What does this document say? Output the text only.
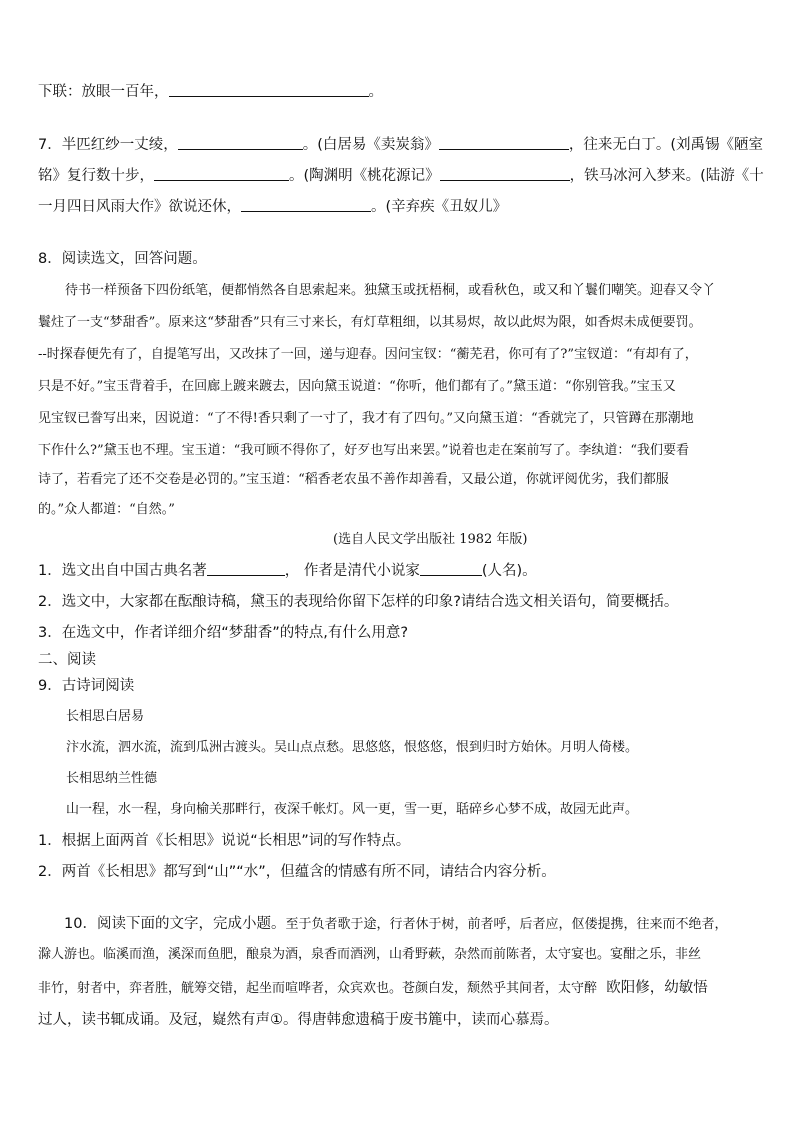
下联：放眼一百年，	。
7．半匹红纱一丈绫，	。(白居易《卖炭翁》	，往来无白丁。(刘禹锡《陋室
铭》复行数十步，	。(陶渊明《桃花源记》	，铁马冰河入梦来。(陆游《十
一月四日风雨大作》欲说还休，	。(辛弃疾《丑奴儿》
8．阅读选文，回答问题。
待书一样预备下四份纸笔，便都悄然各自思索起来。独黛玉或抚梧桐，或看秋色，或又和丫鬟们嘲笑。迎春又令丫
鬟炷了一支“梦甜香”。原来这“梦甜香”只有三寸来长，有灯草粗细，以其易烬，故以此烬为限，如香烬未成便要罚。
--时探春便先有了，自提笔写出，又改抹了一回，递与迎春。因问宝钗：“蘅芜君，你可有了?”宝钗道：“有却有了，
只是不好。”宝玉背着手，在回廊上踱来踱去，因向黛玉说道：“你听，他们都有了。”黛玉道：“你别管我。”宝玉又
见宝钗已誊写出来，因说道：“了不得!香只剩了一寸了，我才有了四句。”又向黛玉道：“香就完了，只管蹲在那潮地
下作什么?”黛玉也不理。宝玉道：“我可顾不得你了，好歹也写出来罢。”说着也走在案前写了。李纨道：“我们要看
诗了，若看完了还不交卷是必罚的。”宝玉道：“稻香老农虽不善作却善看，又最公道，你就评阅优劣，我们都服
的。”众人都道：“自然。”
(选自人民文学出版社 1982 年版)
1．选文出自中国古典名著	， 作者是清代小说家	(人名)。
2．选文中，大家都在酝酿诗稿，黛玉的表现给你留下怎样的印象?请结合选文相关语句，简要概括。
3．在选文中，作者详细介绍“梦甜香”的特点,有什么用意?
二、阅读
9．古诗词阅读
长相思白居易
汴水流，泗水流，流到瓜洲古渡头。吴山点点愁。思悠悠，恨悠悠，恨到归时方始休。月明人倚楼。
长相思纳兰性德
山一程，水一程，身向榆关那畔行，夜深千帐灯。风一更，雪一更，聒碎乡心梦不成，故园无此声。
1．根据上面两首《长相思》说说“长相思”词的写作特点。
2．两首《长相思》都写到“山”“水”，但蕴含的情感有所不同，请结合内容分析。
10．阅读下面的文字，完成小题。至于负者歌于途，行者休于树，前者呼，后者应，伛偻提携，往来而不绝者，
滁人游也。临溪而渔，溪深而鱼肥，酿泉为酒，泉香而酒洌，山肴野蔌，杂然而前陈者，太守宴也。宴酣之乐，非丝
非竹，射者中，弈者胜，觥筹交错，起坐而喧哗者，众宾欢也。苍颜白发，颓然乎其间者，太守醉 欧阳修，幼敏悟
过人，读书辄成诵。及冠，嶷然有声①。得唐韩愈遗稿于废书簏中，读而心慕焉。
